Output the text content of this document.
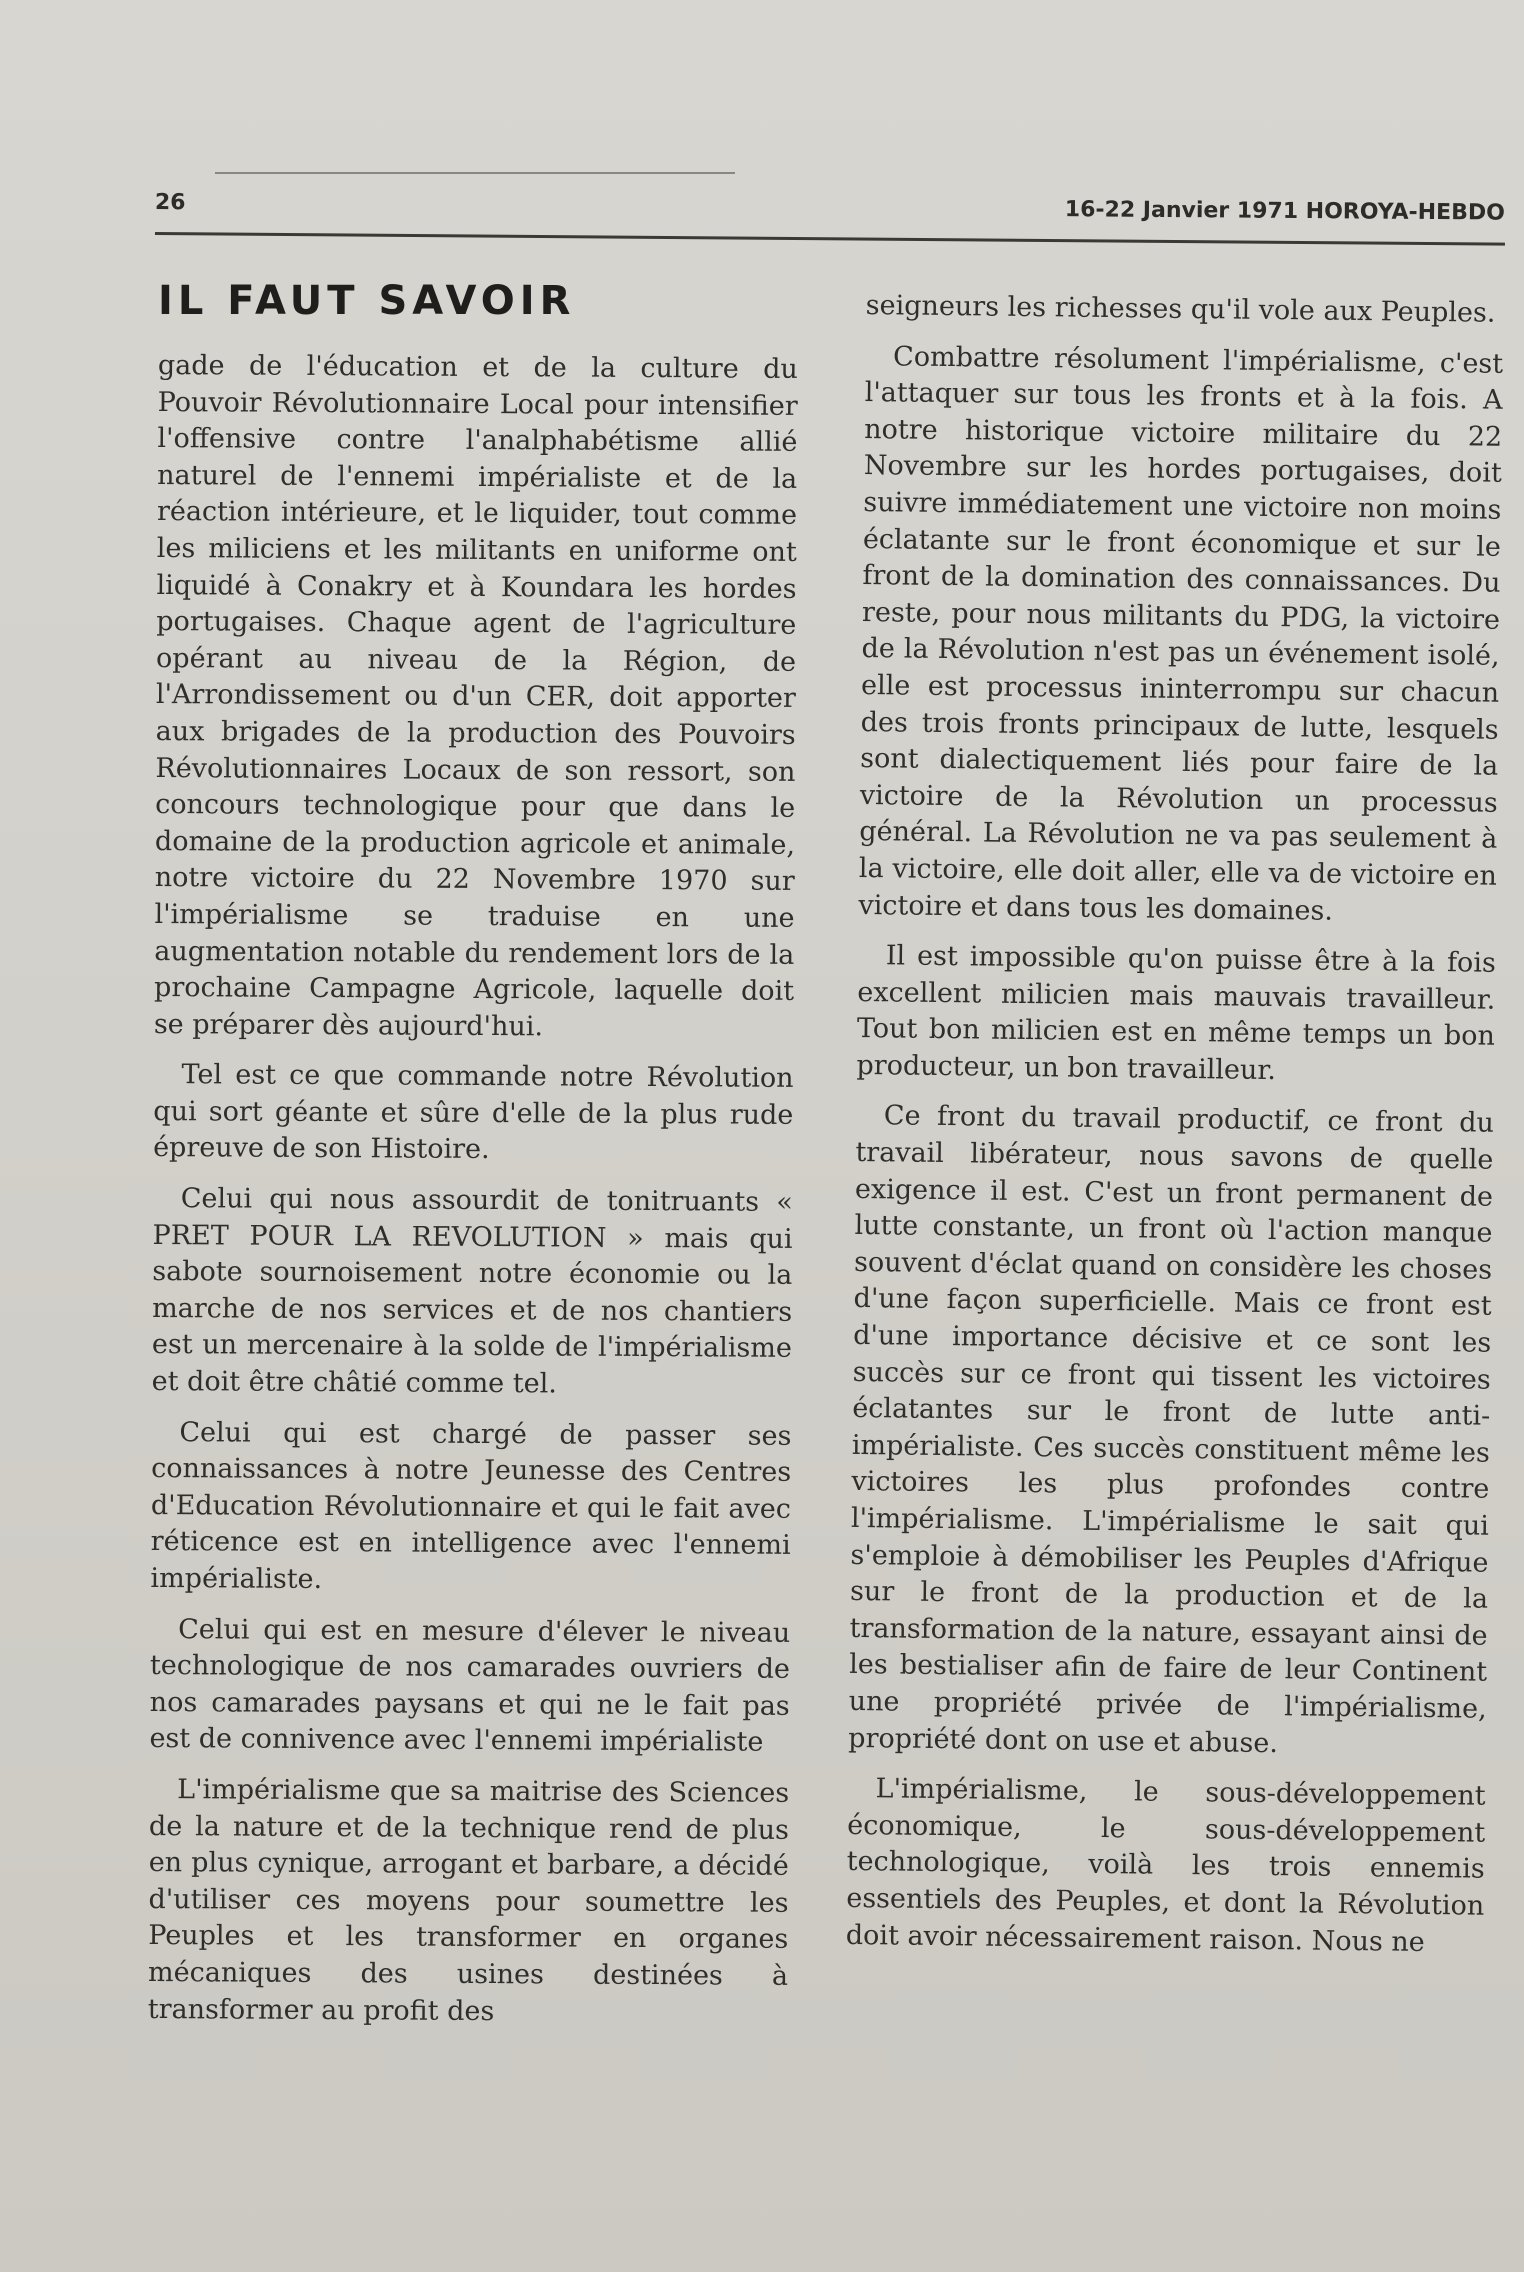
26	16-22 Janvier 1971 HOROYA-HEBDO
IL FAUT SAVOIR

gade de l'éducation et de la culture du Pouvoir Révolutionnaire Local pour intensifier l'offensive contre l'analphabétisme allié naturel de l'ennemi impérialiste et de la réaction intérieure, et le liquider, tout comme les miliciens et les militants en uniforme ont liquidé à Conakry et à Koundara les hordes portugaises. Chaque agent de l'agriculture opérant au niveau de la Région, de l'Arrondissement ou d'un CER, doit apporter aux brigades de la production des Pouvoirs Révolutionnaires Locaux de son ressort, son concours technologique pour que dans le domaine de la production agricole et animale, notre victoire du 22 Novembre 1970 sur l'impérialisme se traduise en une augmentation notable du rendement lors de la prochaine Campagne Agricole, laquelle doit se préparer dès aujourd'hui.

Tel est ce que commande notre Révolution qui sort géante et sûre d'elle de la plus rude épreuve de son Histoire.

Celui qui nous assourdit de tonitruants « PRET POUR LA REVOLUTION » mais qui sabote sournoisement notre économie ou la marche de nos services et de nos chantiers est un mercenaire à la solde de l'impérialisme et doit être châtié comme tel.

Celui qui est chargé de passer ses connaissances à notre Jeunesse des Centres d'Education Révolutionnaire et qui le fait avec réticence est en intelligence avec l'ennemi impérialiste.

Celui qui est en mesure d'élever le niveau technologique de nos camarades ouvriers de nos camarades paysans et qui ne le fait pas est de connivence avec l'ennemi impérialiste

L'impérialisme que sa maitrise des Sciences de la nature et de la technique rend de plus en plus cynique, arrogant et barbare, a décidé d'utiliser ces moyens pour soumettre les Peuples et les transformer en organes mécaniques des usines destinées à transformer au profit des

seigneurs les richesses qu'il vole aux Peuples.

Combattre résolument l'impérialisme, c'est l'attaquer sur tous les fronts et à la fois. A notre historique victoire militaire du 22 Novembre sur les hordes portugaises, doit suivre immédiatement une victoire non moins éclatante sur le front économique et sur le front de la domination des connaissances. Du reste, pour nous militants du PDG, la victoire de la Révolution n'est pas un événement isolé, elle est processus ininterrompu sur chacun des trois fronts principaux de lutte, lesquels sont dialectiquement liés pour faire de la victoire de la Révolution un processus général. La Révolution ne va pas seulement à la victoire, elle doit aller, elle va de victoire en victoire et dans tous les domaines.

Il est impossible qu'on puisse être à la fois excellent milicien mais mauvais travailleur. Tout bon milicien est en même temps un bon producteur, un bon travailleur.

Ce front du travail productif, ce front du travail libérateur, nous savons de quelle exigence il est. C'est un front permanent de lutte constante, un front où l'action manque souvent d'éclat quand on considère les choses d'une façon superficielle. Mais ce front est d'une importance décisive et ce sont les succès sur ce front qui tissent les victoires éclatantes sur le front de lutte anti-impérialiste. Ces succès constituent même les victoires les plus profondes contre l'impérialisme. L'impérialisme le sait qui s'emploie à démobiliser les Peuples d'Afrique sur le front de la production et de la transformation de la nature, essayant ainsi de les bestialiser afin de faire de leur Continent une propriété privée de l'impérialisme, propriété dont on use et abuse.

L'impérialisme, le sous-développement économique, le sous-développement technologique, voilà les trois ennemis essentiels des Peuples, et dont la Révolution doit avoir nécessairement raison. Nous ne
